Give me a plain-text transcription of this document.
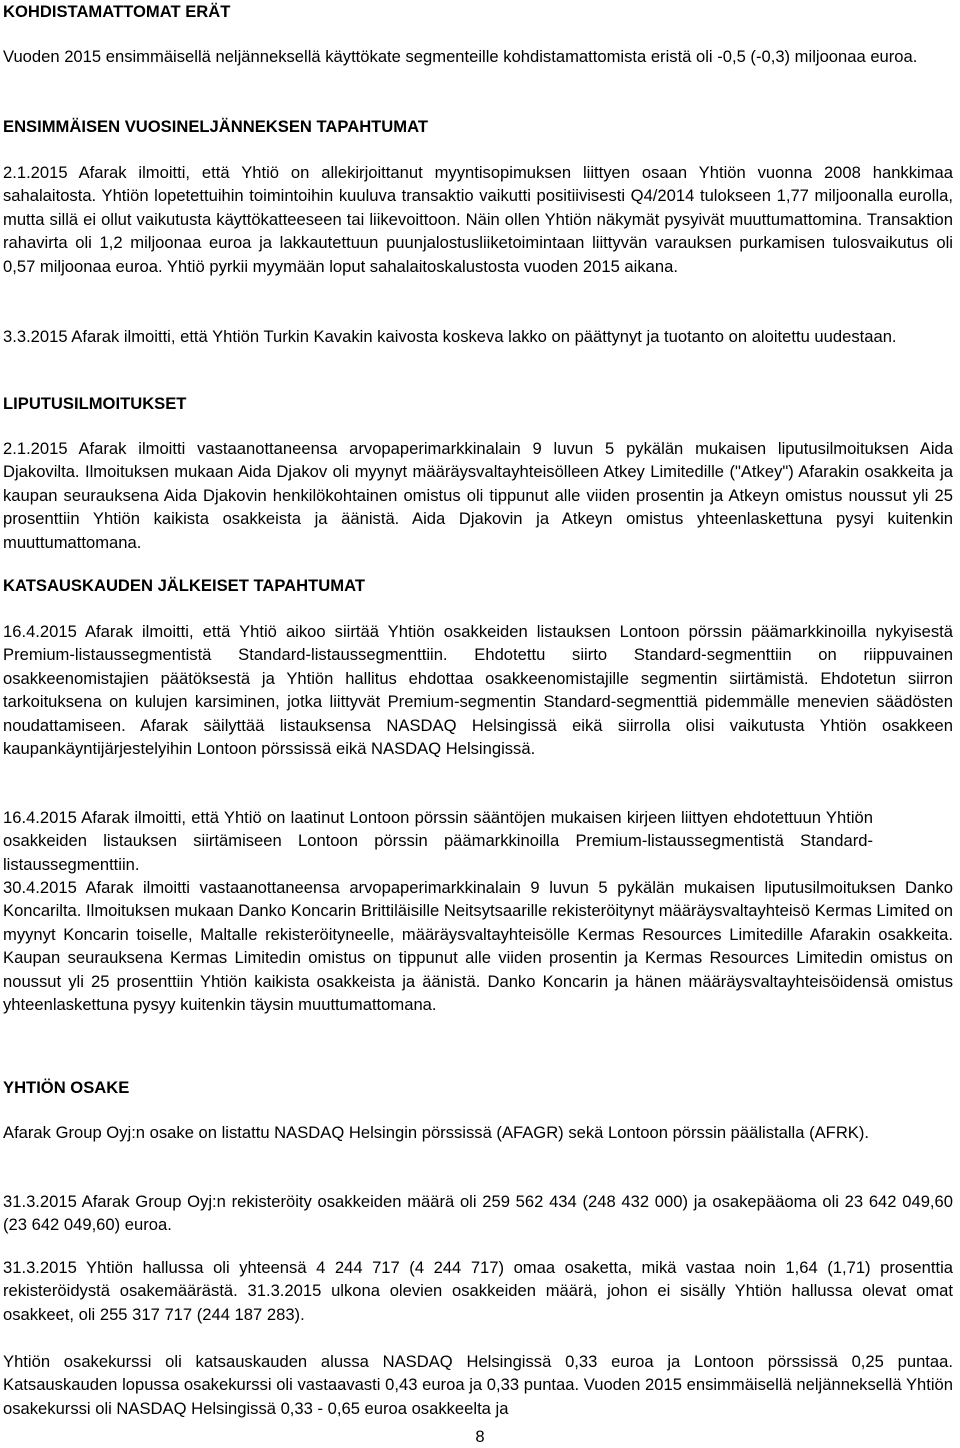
KOHDISTAMATTOMAT ERÄT
Vuoden 2015 ensimmäisellä neljänneksellä käyttökate segmenteille kohdistamattomista eristä oli -0,5 (-0,3) miljoonaa euroa.
ENSIMMÄISEN VUOSINELJÄNNEKSEN TAPAHTUMAT
2.1.2015 Afarak ilmoitti, että Yhtiö on allekirjoittanut myyntisopimuksen liittyen osaan Yhtiön vuonna 2008 hankkimaa sahalaitosta. Yhtiön lopetettuihin toimintoihin kuuluva transaktio vaikutti positiivisesti Q4/2014 tulokseen 1,77 miljoonalla eurolla, mutta sillä ei ollut vaikutusta käyttökatteeseen tai liikevoittoon. Näin ollen Yhtiön näkymät pysyivät muuttumattomina. Transaktion rahavirta oli 1,2 miljoonaa euroa ja lakkautettuun puunjalostusliiketoimintaan liittyvän varauksen purkamisen tulosvaikutus oli 0,57 miljoonaa euroa. Yhtiö pyrkii myymään loput sahalaitoskalustosta vuoden 2015 aikana.
3.3.2015 Afarak ilmoitti, että Yhtiön Turkin Kavakin kaivosta koskeva lakko on päättynyt ja tuotanto on aloitettu uudestaan.
LIPUTUSILMOITUKSET
2.1.2015 Afarak ilmoitti vastaanottaneensa arvopaperimarkkinalain 9 luvun 5 pykälän mukaisen liputusilmoituksen Aida Djakovilta. Ilmoituksen mukaan Aida Djakov oli myynyt määräysvaltayhteisölleen Atkey Limitedille ("Atkey") Afarakin osakkeita ja kaupan seurauksena Aida Djakovin henkilökohtainen omistus oli tippunut alle viiden prosentin ja Atkeyn omistus noussut yli 25 prosenttiin Yhtiön kaikista osakkeista ja äänistä. Aida Djakovin ja Atkeyn omistus yhteenlaskettuna pysyi kuitenkin muuttumattomana.
KATSAUSKAUDEN JÄLKEISET TAPAHTUMAT
16.4.2015 Afarak ilmoitti, että Yhtiö aikoo siirtää Yhtiön osakkeiden listauksen Lontoon pörssin päämarkkinoilla nykyisestä Premium-listaussegmentistä Standard-listaussegmenttiin. Ehdotettu siirto Standard-segmenttiin on riippuvainen osakkeenomistajien päätöksestä ja Yhtiön hallitus ehdottaa osakkeenomistajille segmentin siirtämistä. Ehdotetun siirron tarkoituksena on kulujen karsiminen, jotka liittyvät Premium-segmentin Standard-segmenttiä pidemmälle menevien säädösten noudattamiseen. Afarak säilyttää listauksensa NASDAQ Helsingissä eikä siirrolla olisi vaikutusta Yhtiön osakkeen kaupankäyntijärjestelyihin Lontoon pörssissä eikä NASDAQ Helsingissä.
16.4.2015 Afarak ilmoitti, että Yhtiö on laatinut Lontoon pörssin sääntöjen mukaisen kirjeen liittyen ehdotettuun Yhtiön osakkeiden listauksen siirtämiseen Lontoon pörssin päämarkkinoilla Premium-listaussegmentistä Standard-listaussegmenttiin.
30.4.2015 Afarak ilmoitti vastaanottaneensa arvopaperimarkkinalain 9 luvun 5 pykälän mukaisen liputusilmoituksen Danko Koncarilta. Ilmoituksen mukaan Danko Koncarin Brittiläisille Neitsytsaarille rekisteröitynyt määräysvaltayhteisö Kermas Limited on myynyt Koncarin toiselle, Maltalle rekisteröityneelle, määräysvaltayhteisölle Kermas Resources Limitedille Afarakin osakkeita. Kaupan seurauksena Kermas Limitedin omistus on tippunut alle viiden prosentin ja Kermas Resources Limitedin omistus on noussut yli 25 prosenttiin Yhtiön kaikista osakkeista ja äänistä. Danko Koncarin ja hänen määräysvaltayhteisöidensä omistus yhteenlaskettuna pysyy kuitenkin täysin muuttumattomana.
YHTIÖN OSAKE
Afarak Group Oyj:n osake on listattu NASDAQ Helsingin pörssissä (AFAGR) sekä Lontoon pörssin päälistalla (AFRK).
31.3.2015 Afarak Group Oyj:n rekisteröity osakkeiden määrä oli 259 562 434 (248 432 000) ja osakepääoma oli 23 642 049,60 (23 642 049,60) euroa.
31.3.2015 Yhtiön hallussa oli yhteensä 4 244 717 (4 244 717) omaa osaketta, mikä vastaa noin 1,64 (1,71) prosenttia rekisteröidystä osakemäärästä. 31.3.2015 ulkona olevien osakkeiden määrä, johon ei sisälly Yhtiön hallussa olevat omat osakkeet, oli 255 317 717 (244 187 283).
Yhtiön osakekurssi oli katsauskauden alussa NASDAQ Helsingissä 0,33 euroa ja Lontoon pörssissä 0,25 puntaa. Katsauskauden lopussa osakekurssi oli vastaavasti 0,43 euroa ja 0,33 puntaa. Vuoden 2015 ensimmäisellä neljänneksellä Yhtiön osakekurssi oli NASDAQ Helsingissä 0,33 - 0,65 euroa osakkeelta ja
8
